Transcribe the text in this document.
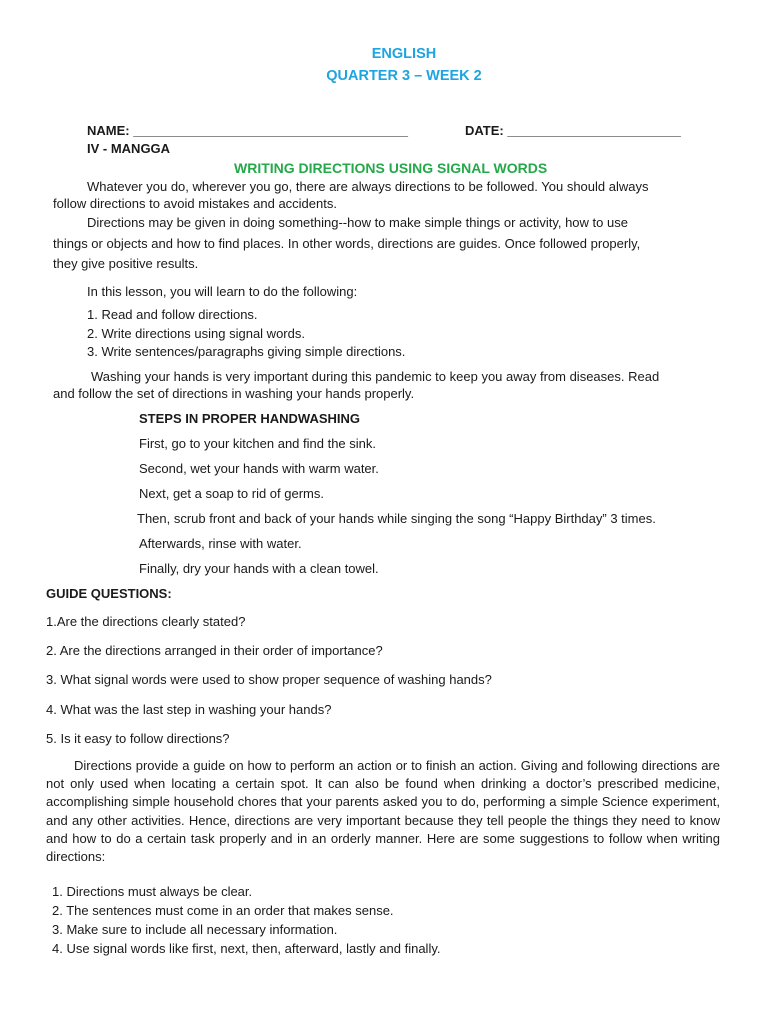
ENGLISH
QUARTER 3 – WEEK 2
NAME: ______________________________________	DATE: ________________________
IV - MANGGA
WRITING DIRECTIONS USING SIGNAL WORDS
Whatever you do, wherever you go, there are always directions to be followed. You should always
follow directions to avoid mistakes and accidents.
Directions may be given in doing something--how to make simple things or activity, how to use
things or objects and how to find places. In other words, directions are guides. Once followed properly,
they give positive results.
In this lesson, you will learn to do the following:
1. Read and follow directions.
2. Write directions using signal words.
3. Write sentences/paragraphs giving simple directions.
Washing your hands is very important during this pandemic to keep you away from diseases. Read
and follow the set of directions in washing your hands properly.
STEPS IN PROPER HANDWASHING
First, go to your kitchen and find the sink.
Second, wet your hands with warm water.
Next, get a soap to rid of germs.
Then, scrub front and back of your hands while singing the song “Happy Birthday” 3 times.
Afterwards, rinse with water.
Finally, dry your hands with a clean towel.
GUIDE QUESTIONS:
1.Are the directions clearly stated?
2. Are the directions arranged in their order of importance?
3. What signal words were used to show proper sequence of washing hands?
4. What was the last step in washing your hands?
5. Is it easy to follow directions?
Directions provide a guide on how to perform an action or to finish an action. Giving and following directions are not only used when locating a certain spot. It can also be found when drinking a doctor’s prescribed medicine, accomplishing simple household chores that your parents asked you to do, performing a simple Science experiment, and any other activities. Hence, directions are very important because they tell people the things they need to know and how to do a certain task properly and in an orderly manner. Here are some suggestions to follow when writing directions:
1. Directions must always be clear.
2. The sentences must come in an order that makes sense.
3. Make sure to include all necessary information.
4. Use signal words like first, next, then, afterward, lastly and finally.
